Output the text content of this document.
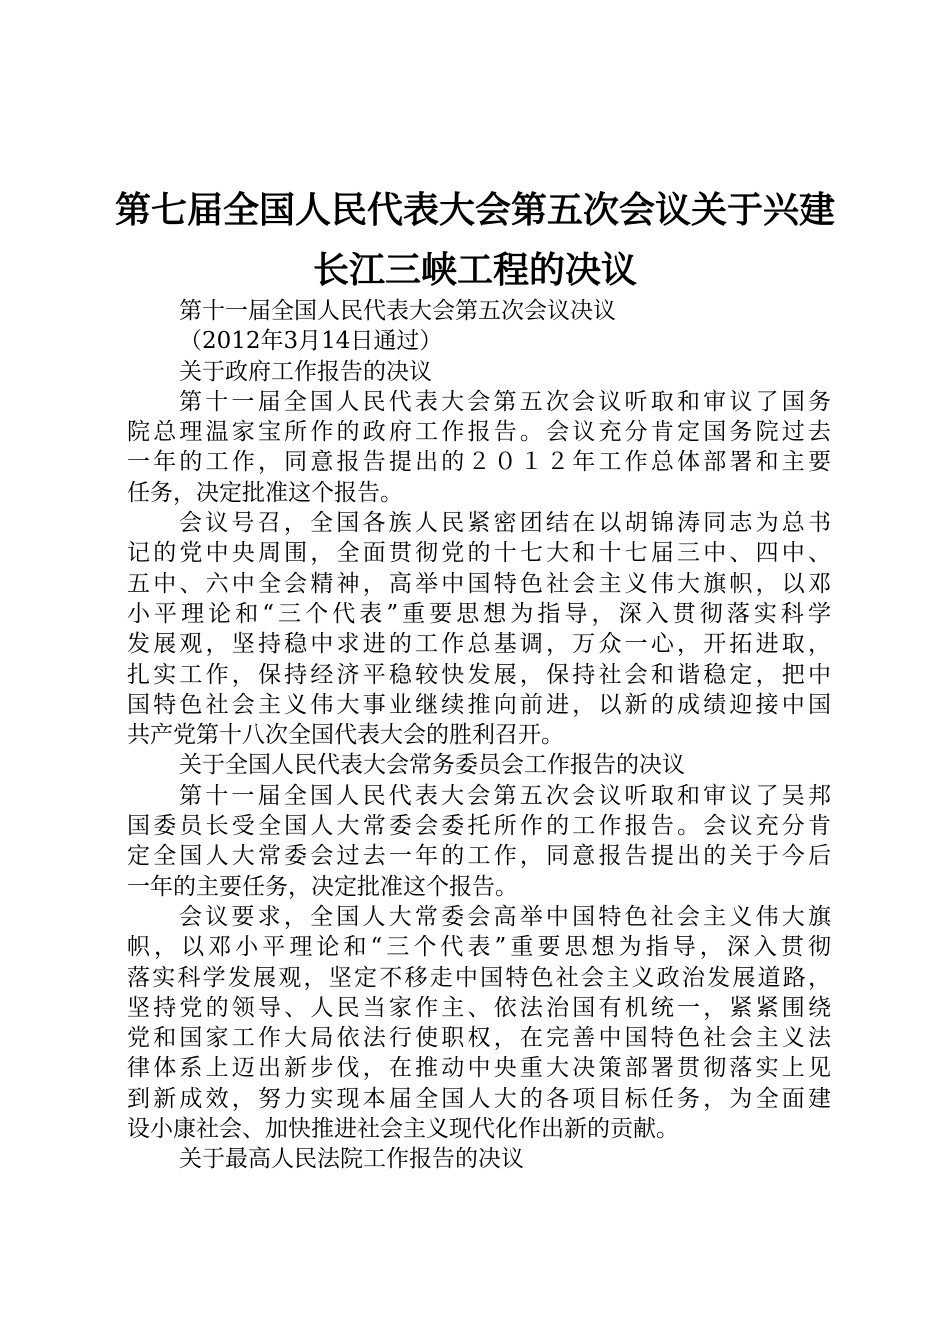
第七届全国人民代表大会第五次会议关于兴建
长江三峡工程的决议
第十一届全国人民代表大会第五次会议决议
（2012年3月14日通过）
关于政府工作报告的决议
第十一届全国人民代表大会第五次会议听取和审议了国务
院总理温家宝所作的政府工作报告。会议充分肯定国务院过去
一年的工作，同意报告提出的２０１２年工作总体部署和主要
任务，决定批准这个报告。
会议号召，全国各族人民紧密团结在以胡锦涛同志为总书
记的党中央周围，全面贯彻党的十七大和十七届三中、四中、
五中、六中全会精神，高举中国特色社会主义伟大旗帜，以邓
小平理论和“三个代表”重要思想为指导，深入贯彻落实科学
发展观，坚持稳中求进的工作总基调，万众一心，开拓进取，
扎实工作，保持经济平稳较快发展，保持社会和谐稳定，把中
国特色社会主义伟大事业继续推向前进，以新的成绩迎接中国
共产党第十八次全国代表大会的胜利召开。
关于全国人民代表大会常务委员会工作报告的决议
第十一届全国人民代表大会第五次会议听取和审议了吴邦
国委员长受全国人大常委会委托所作的工作报告。会议充分肯
定全国人大常委会过去一年的工作，同意报告提出的关于今后
一年的主要任务，决定批准这个报告。
会议要求，全国人大常委会高举中国特色社会主义伟大旗
帜，以邓小平理论和“三个代表”重要思想为指导，深入贯彻
落实科学发展观，坚定不移走中国特色社会主义政治发展道路，
坚持党的领导、人民当家作主、依法治国有机统一，紧紧围绕
党和国家工作大局依法行使职权，在完善中国特色社会主义法
律体系上迈出新步伐，在推动中央重大决策部署贯彻落实上见
到新成效，努力实现本届全国人大的各项目标任务，为全面建
设小康社会、加快推进社会主义现代化作出新的贡献。
关于最高人民法院工作报告的决议
